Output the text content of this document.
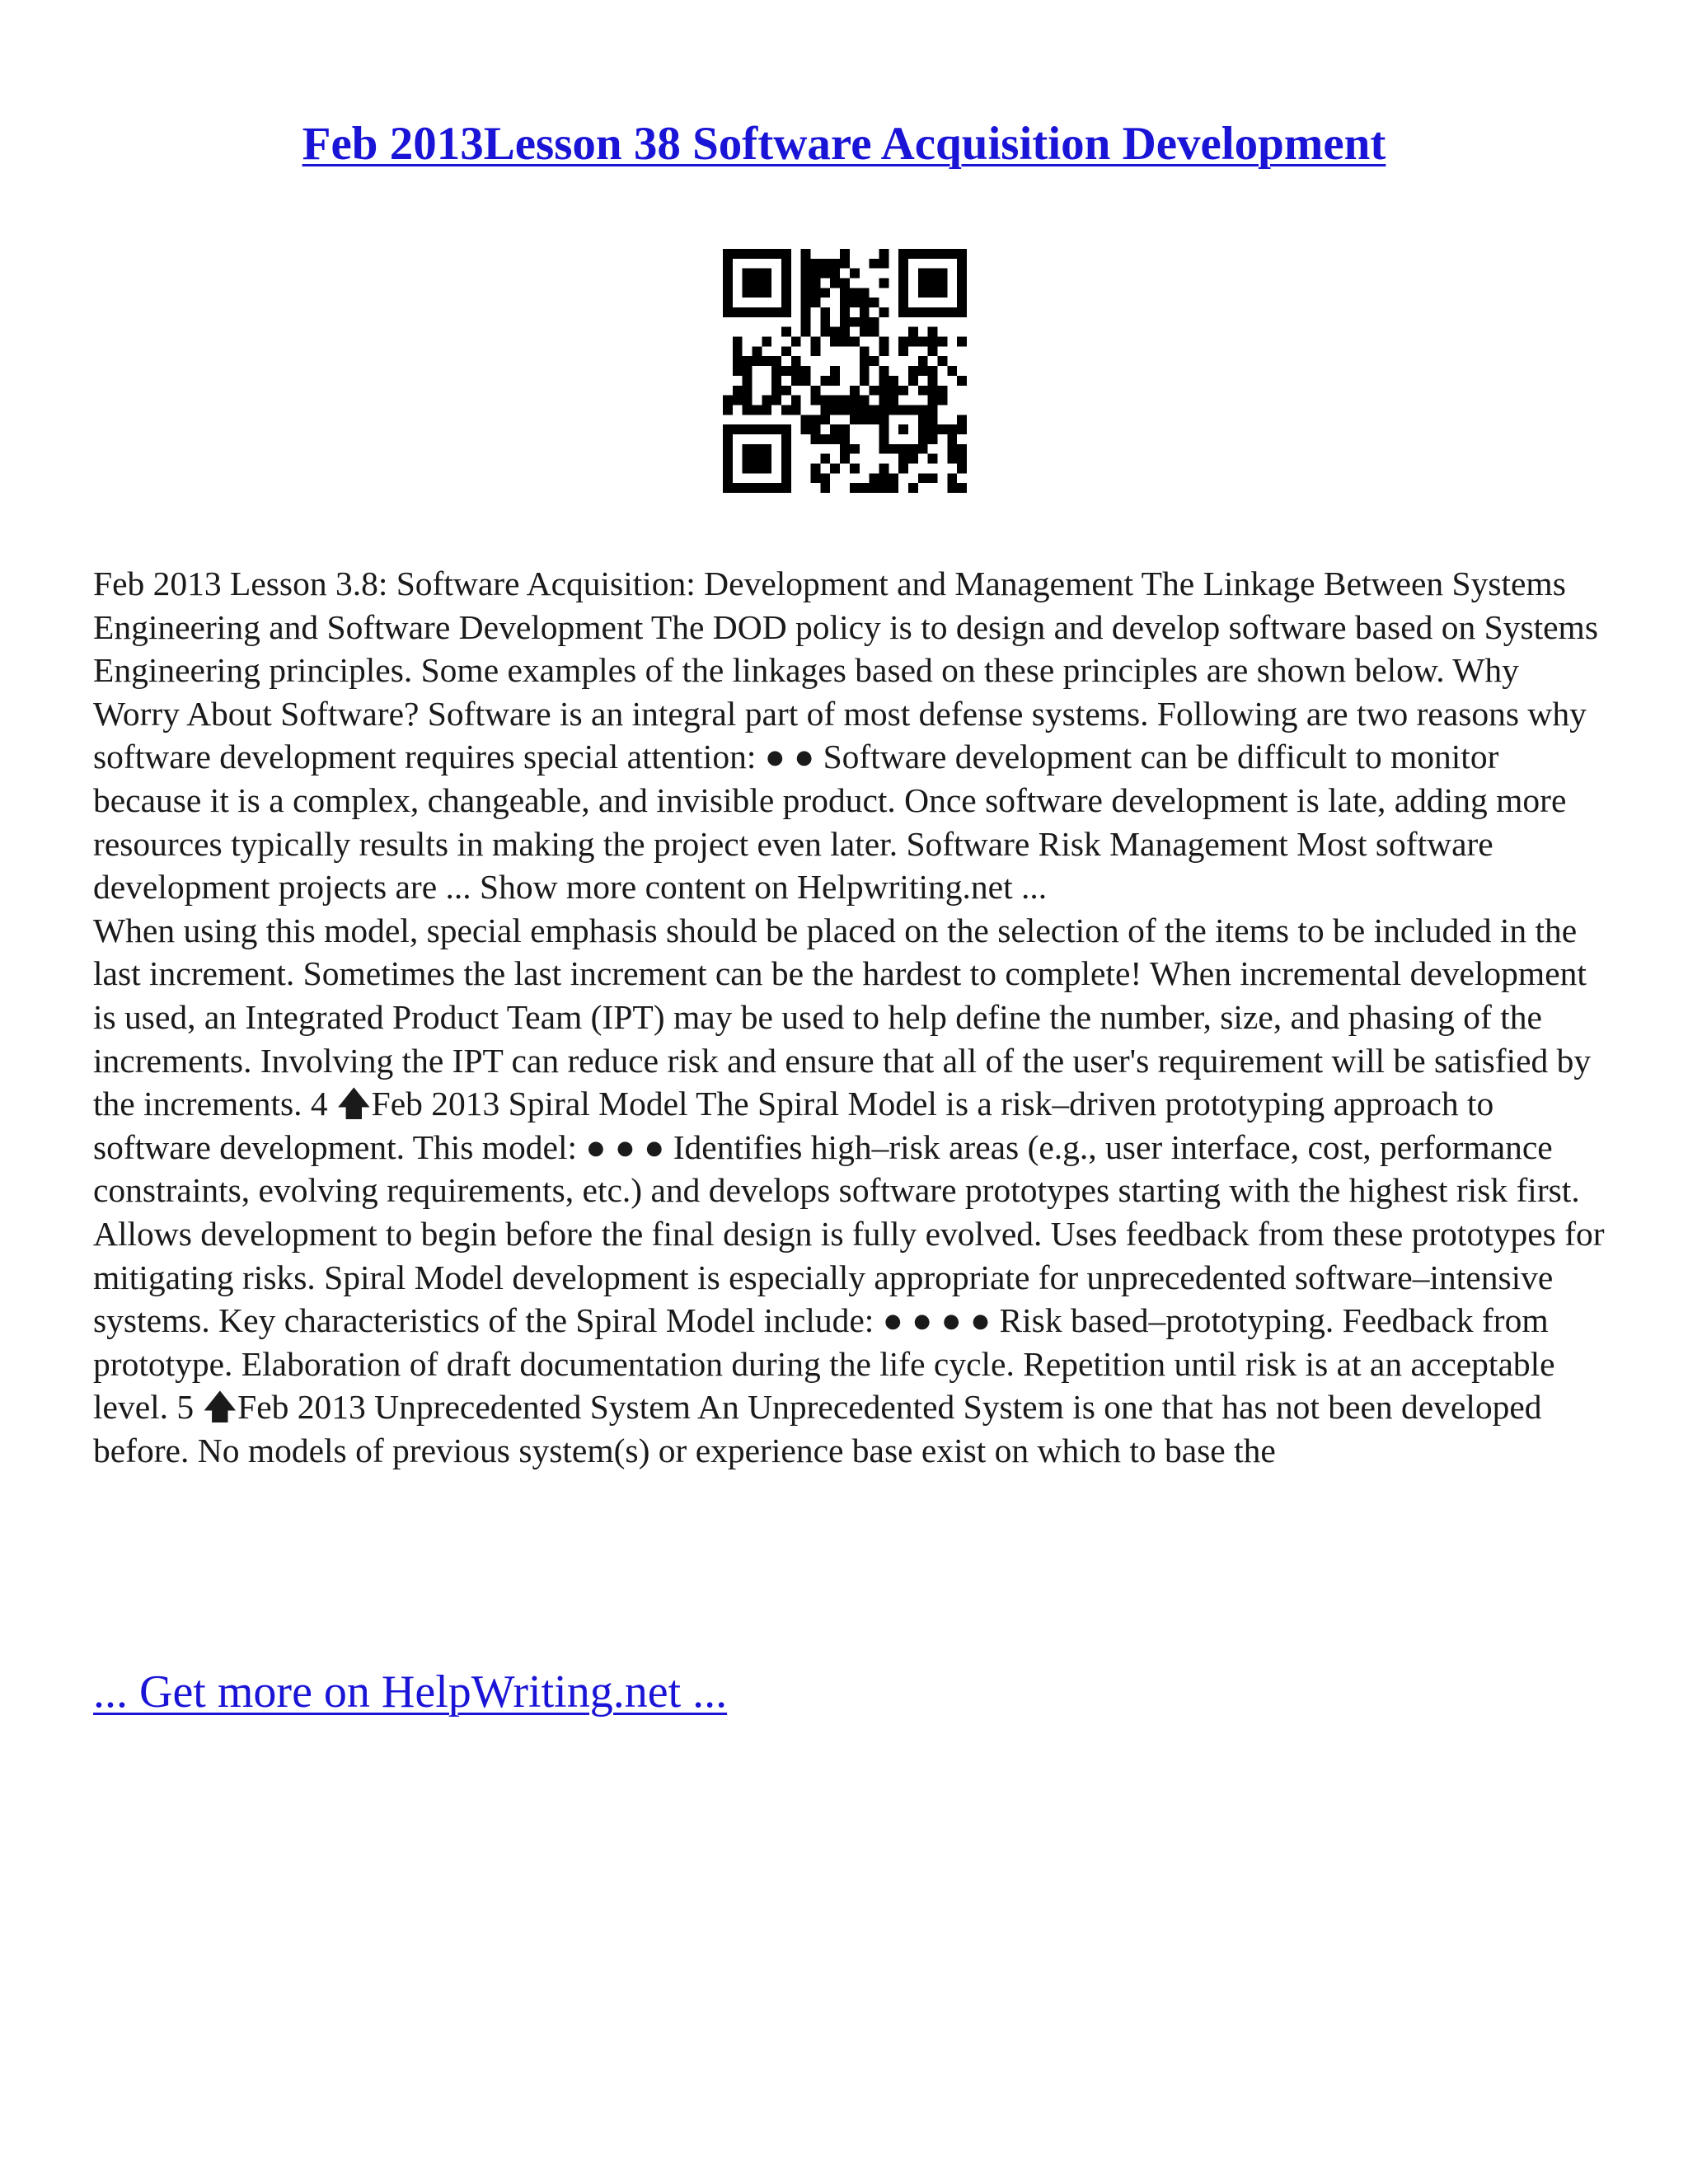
Feb 2013Lesson 38 Software Acquisition Development

Feb 2013 Lesson 3.8: Software Acquisition: Development and Management The Linkage Between Systems Engineering and Software Development The DOD policy is to design and develop software based on Systems Engineering principles. Some examples of the linkages based on these principles are shown below. Why Worry About Software? Software is an integral part of most defense systems. Following are two reasons why software development requires special attention: ● ● Software development can be difficult to monitor because it is a complex, changeable, and invisible product. Once software development is late, adding more resources typically results in making the project even later. Software Risk Management Most software development projects are ... Show more content on Helpwriting.net ...

When using this model, special emphasis should be placed on the selection of the items to be included in the last increment. Sometimes the last increment can be the hardest to complete! When incremental development is used, an Integrated Product Team (IPT) may be used to help define the number, size, and phasing of the increments. Involving the IPT can reduce risk and ensure that all of the user's requirement will be satisfied by the increments. 4 🡅Feb 2013 Spiral Model The Spiral Model is a risk–driven prototyping approach to software development. This model: ● ● ● Identifies high–risk areas (e.g., user interface, cost, performance constraints, evolving requirements, etc.) and develops software prototypes starting with the highest risk first. Allows development to begin before the final design is fully evolved. Uses feedback from these prototypes for mitigating risks. Spiral Model development is especially appropriate for unprecedented software–intensive systems. Key characteristics of the Spiral Model include: ● ● ● ● Risk based–prototyping. Feedback from prototype. Elaboration of draft documentation during the life cycle. Repetition until risk is at an acceptable level. 5 🡅Feb 2013 Unprecedented System An Unprecedented System is one that has not been developed before. No models of previous system(s) or experience base exist on which to base the

... Get more on HelpWriting.net ...
